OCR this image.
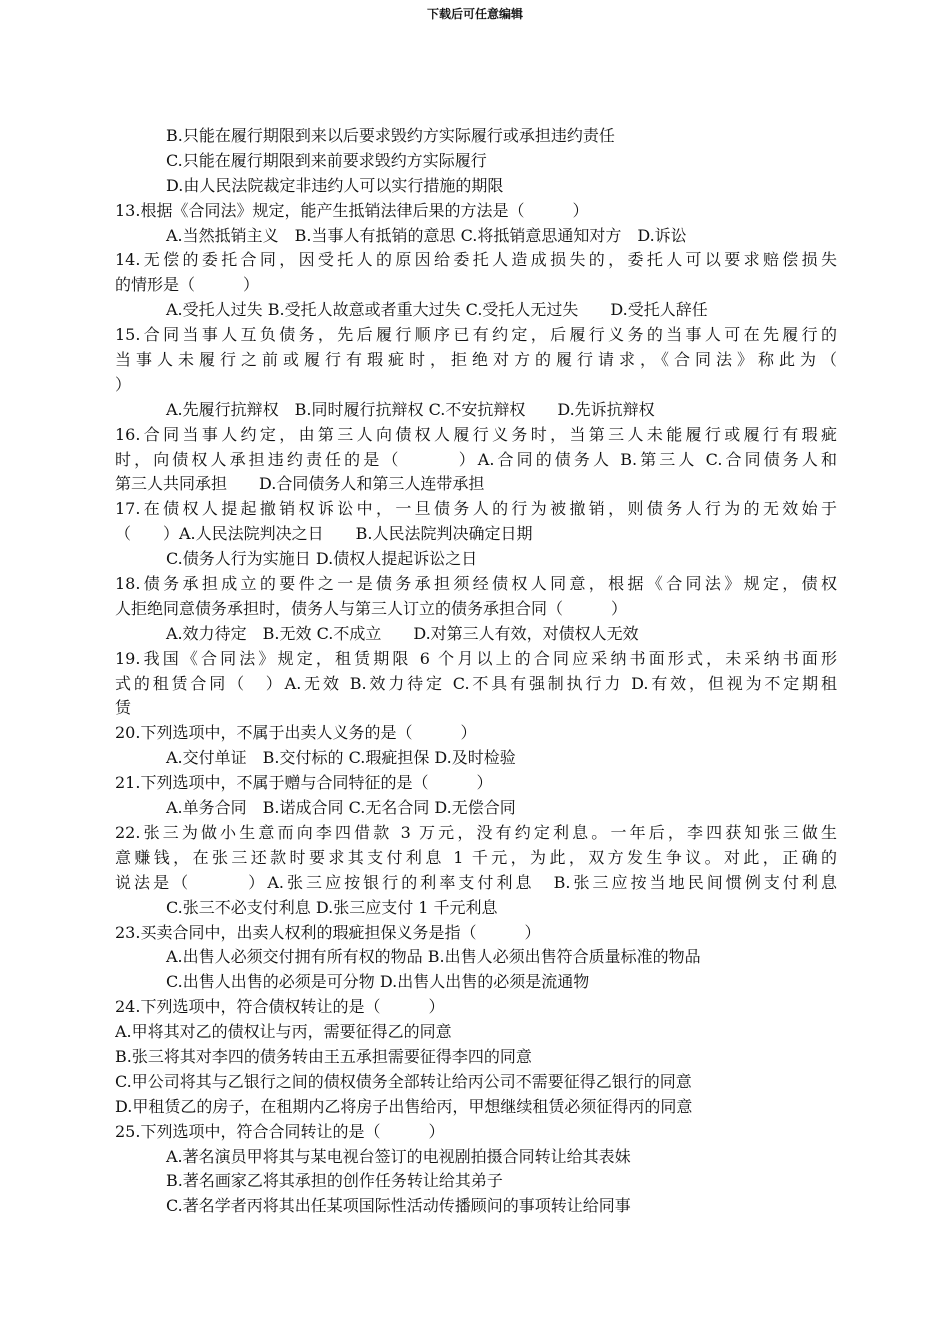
下载后可任意编辑
B.只能在履行期限到来以后要求毁约方实际履行或承担违约责任
C.只能在履行期限到来前要求毁约方实际履行
D.由人民法院裁定非违约人可以实行措施的期限
13.根据《合同法》规定，能产生抵销法律后果的方法是（　　　）
A.当然抵销主义　B.当事人有抵销的意思 C.将抵销意思通知对方　D.诉讼
14.无偿的委托合同，因受托人的原因给委托人造成损失的，委托人可以要求赔偿损失
的情形是（　　　）
A.受托人过失 B.受托人故意或者重大过失 C.受托人无过失　　D.受托人辞任
15.合同当事人互负债务，先后履行顺序已有约定，后履行义务的当事人可在先履行的
当事人未履行之前或履行有瑕疵时，拒绝对方的履行请求，《合同法》称此为（
）
A.先履行抗辩权　B.同时履行抗辩权 C.不安抗辩权　　D.先诉抗辩权
16.合同当事人约定，由第三人向债权人履行义务时，当第三人未能履行或履行有瑕疵
时，向债权人承担违约责任的是（　　　）A.合同的债务人 B.第三人 C.合同债务人和
第三人共同承担　　D.合同债务人和第三人连带承担
17.在债权人提起撤销权诉讼中，一旦债务人的行为被撤销，则债务人行为的无效始于
（　　）A.人民法院判决之日　　B.人民法院判决确定日期
C.债务人行为实施日 D.债权人提起诉讼之日
18.债务承担成立的要件之一是债务承担须经债权人同意，根据《合同法》规定，债权
人拒绝同意债务承担时，债务人与第三人订立的债务承担合同（　　　）
A.效力待定　B.无效 C.不成立　　D.对第三人有效，对债权人无效
19.我国《合同法》规定，租赁期限 6 个月以上的合同应采纳书面形式，未采纳书面形
式的租赁合同（　）A.无效 B.效力待定 C.不具有强制执行力 D.有效，但视为不定期租
赁
20.下列选项中，不属于出卖人义务的是（　　　）
A.交付单证　B.交付标的 C.瑕疵担保 D.及时检验
21.下列选项中，不属于赠与合同特征的是（　　　）
A.单务合同　B.诺成合同 C.无名合同 D.无偿合同
22.张三为做小生意而向李四借款 3 万元，没有约定利息。一年后，李四获知张三做生
意赚钱，在张三还款时要求其支付利息 1 千元，为此，双方发生争议。对此，正确的
说法是（　　　）A.张三应按银行的利率支付利息　B.张三应按当地民间惯例支付利息
C.张三不必支付利息 D.张三应支付 1 千元利息
23.买卖合同中，出卖人权利的瑕疵担保义务是指（　　　）
A.出售人必须交付拥有所有权的物品 B.出售人必须出售符合质量标准的物品
C.出售人出售的必须是可分物 D.出售人出售的必须是流通物
24.下列选项中，符合债权转让的是（　　　）
A.甲将其对乙的债权让与丙，需要征得乙的同意
B.张三将其对李四的债务转由王五承担需要征得李四的同意
C.甲公司将其与乙银行之间的债权债务全部转让给丙公司不需要征得乙银行的同意
D.甲租赁乙的房子，在租期内乙将房子出售给丙，甲想继续租赁必须征得丙的同意
25.下列选项中，符合合同转让的是（　　　）
A.著名演员甲将其与某电视台签订的电视剧拍摄合同转让给其表妹
B.著名画家乙将其承担的创作任务转让给其弟子
C.著名学者丙将其出任某项国际性活动传播顾问的事项转让给同事
